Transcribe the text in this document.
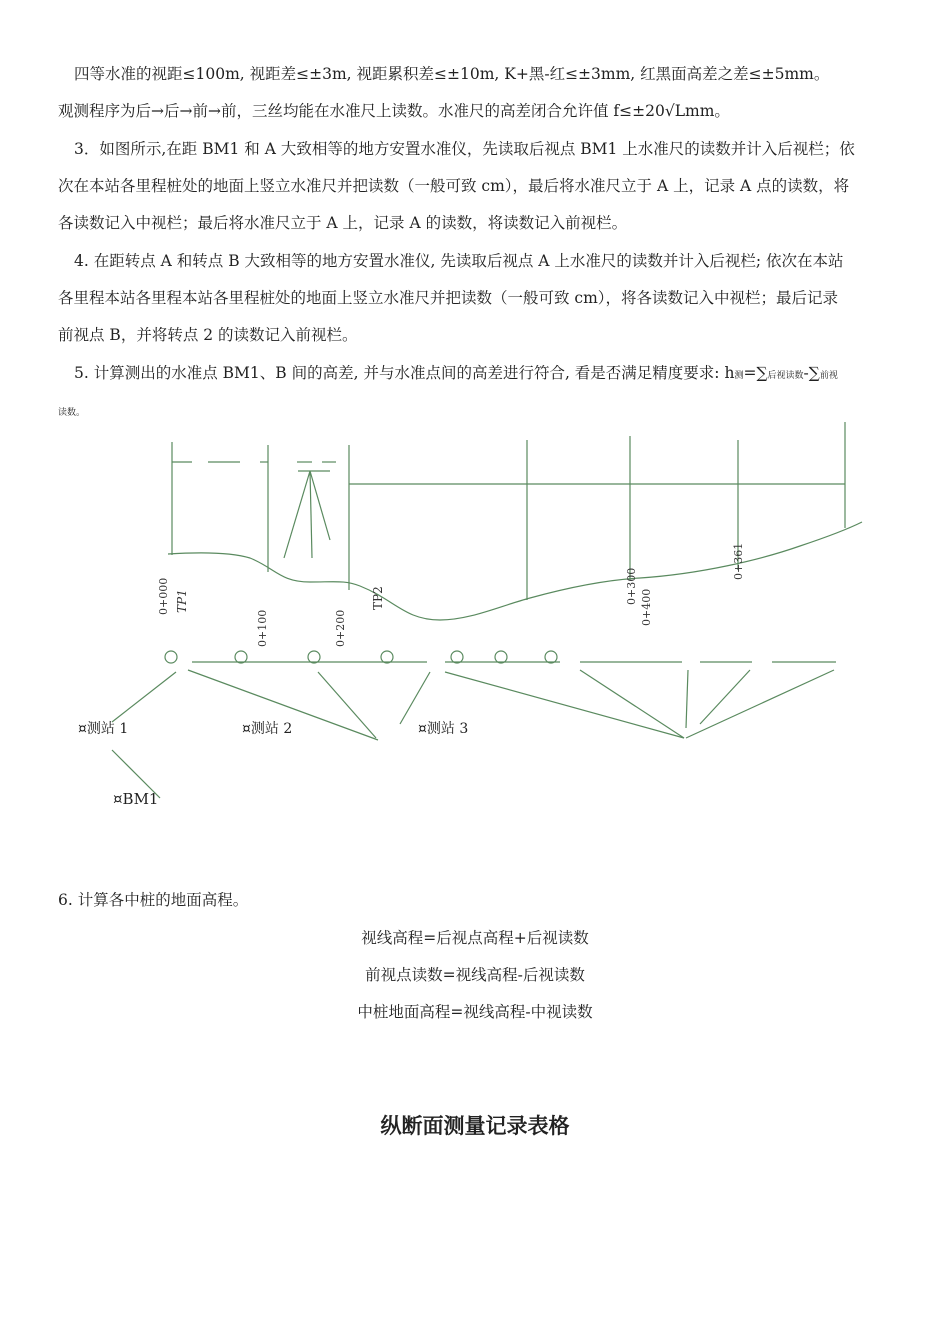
四等水准的视距≤100m, 视距差≤±3m, 视距累积差≤±10m, K+黑-红≤±3mm, 红黑面高差之差≤±5mm。
观测程序为后→后→前→前，三丝均能在水准尺上读数。水准尺的高差闭合允许值 f≤±20√Lmm。
3．如图所示,在距 BM1 和 A 大致相等的地方安置水准仪，先读取后视点 BM1 上水准尺的读数并计入后视栏；依
次在本站各里程桩处的地面上竖立水准尺并把读数（一般可致 cm），最后将水准尺立于 A 上，记录 A 点的读数，将
各读数记入中视栏；最后将水准尺立于 A 上，记录 A 的读数，将读数记入前视栏。
4. 在距转点 A 和转点 B 大致相等的地方安置水准仪, 先读取后视点 A 上水准尺的读数并计入后视栏; 依次在本站
各里程本站各里程本站各里程桩处的地面上竖立水准尺并把读数（一般可致 cm），将各读数记入中视栏；最后记录
前视点 B，并将转点 2 的读数记入前视栏。
5. 计算测出的水准点 BM1、B 间的高差, 并与水准点间的高差进行符合, 看是否满足精度要求: h测=∑后视读数-∑前视
读数。
0+000 TP1
0+100	0+200
TP2	0+300
0+400
0+361
¤测站 1	¤测站 2	¤测站 3
¤BM1
6. 计算各中桩的地面高程。
视线高程=后视点高程+后视读数
前视点读数=视线高程-后视读数
中桩地面高程=视线高程-中视读数
纵断面测量记录表格
